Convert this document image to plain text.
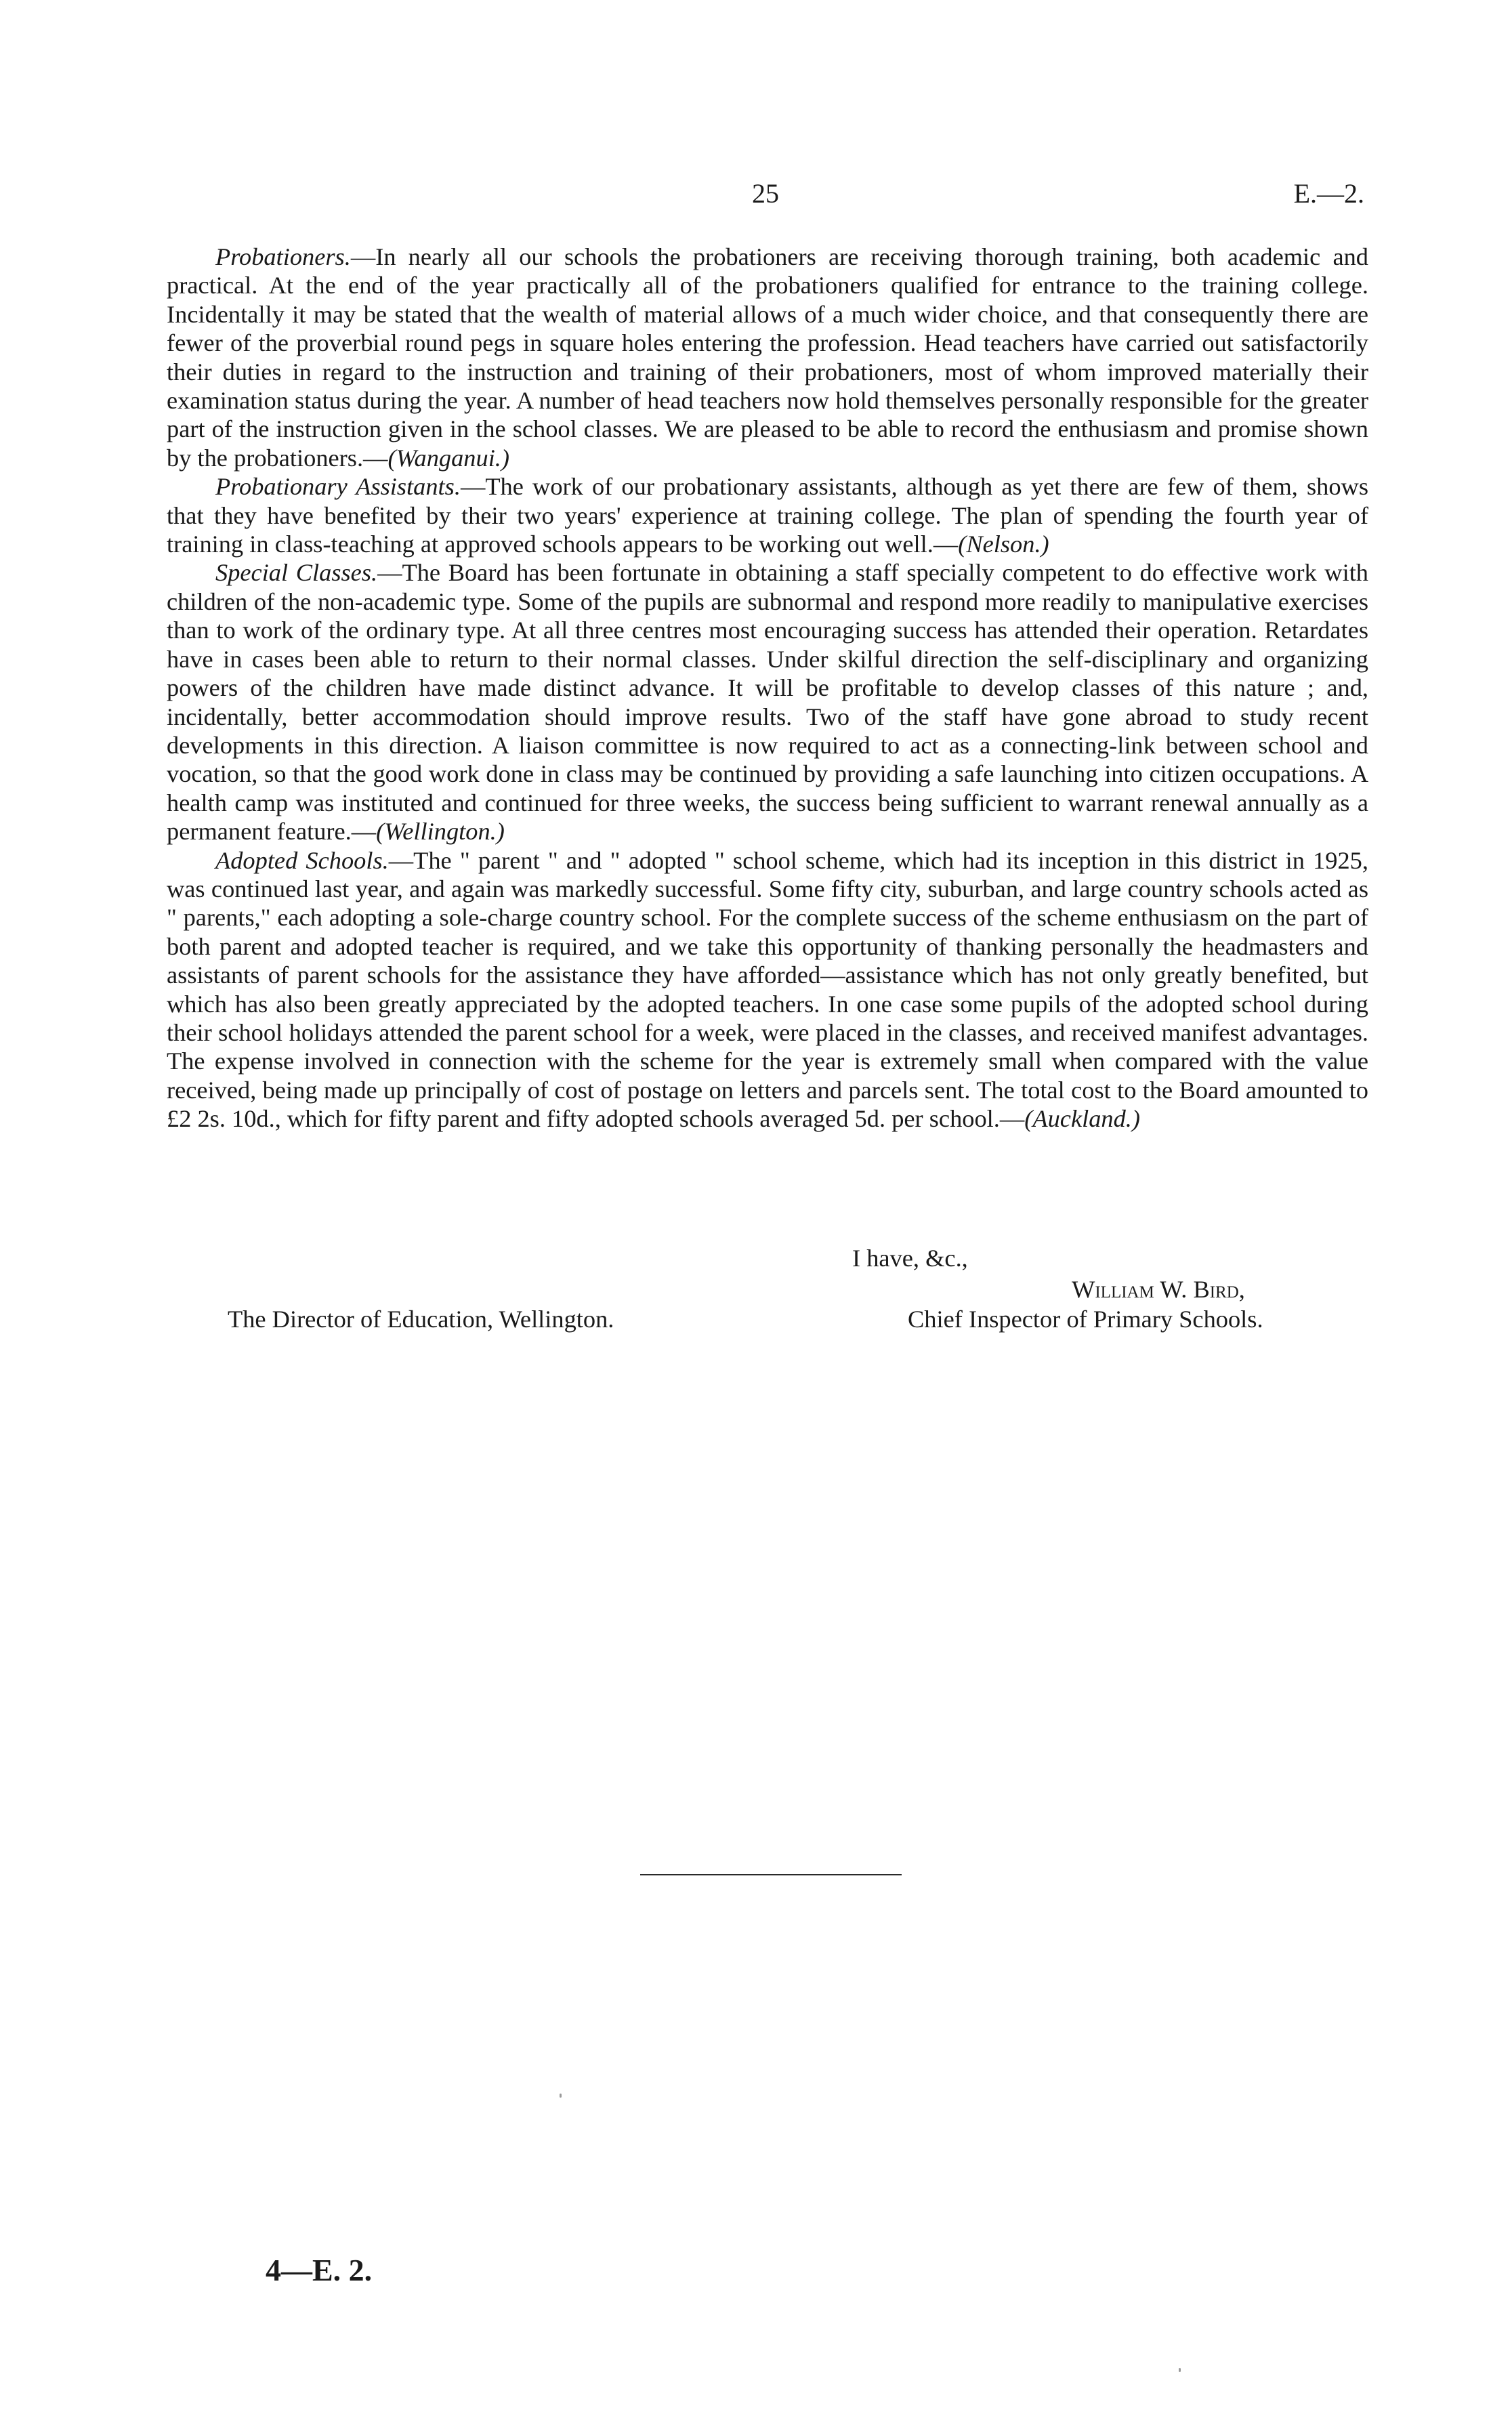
25	E.—2.

Probationers.—In nearly all our schools the probationers are receiving thorough training, both academic and practical. At the end of the year practically all of the probationers qualified for entrance to the training college. Incidentally it may be stated that the wealth of material allows of a much wider choice, and that consequently there are fewer of the proverbial round pegs in square holes entering the profession. Head teachers have carried out satisfactorily their duties in regard to the instruction and training of their probationers, most of whom improved materially their examination status during the year. A number of head teachers now hold themselves personally responsible for the greater part of the instruction given in the school classes. We are pleased to be able to record the enthusiasm and promise shown by the probationers.—(Wanganui.)

Probationary Assistants.—The work of our probationary assistants, although as yet there are few of them, shows that they have benefited by their two years' experience at training college. The plan of spending the fourth year of training in class-teaching at approved schools appears to be working out well.—(Nelson.)

Special Classes.—The Board has been fortunate in obtaining a staff specially competent to do effective work with children of the non-academic type. Some of the pupils are subnormal and respond more readily to manipulative exercises than to work of the ordinary type. At all three centres most encouraging success has attended their operation. Retardates have in cases been able to return to their normal classes. Under skilful direction the self-disciplinary and organizing powers of the children have made distinct advance. It will be profitable to develop classes of this nature ; and, incidentally, better accommodation should improve results. Two of the staff have gone abroad to study recent developments in this direction. A liaison committee is now required to act as a connecting-link between school and vocation, so that the good work done in class may be continued by providing a safe launching into citizen occupations. A health camp was instituted and continued for three weeks, the success being sufficient to warrant renewal annually as a permanent feature.—(Wellington.)

Adopted Schools.—The " parent " and " adopted " school scheme, which had its inception in this district in 1925, was continued last year, and again was markedly successful. Some fifty city, suburban, and large country schools acted as " parents," each adopting a sole-charge country school. For the complete success of the scheme enthusiasm on the part of both parent and adopted teacher is required, and we take this opportunity of thanking personally the headmasters and assistants of parent schools for the assistance they have afforded—assistance which has not only greatly benefited, but which has also been greatly appreciated by the adopted teachers. In one case some pupils of the adopted school during their school holidays attended the parent school for a week, were placed in the classes, and received manifest advantages. The expense involved in connection with the scheme for the year is extremely small when compared with the value received, being made up principally of cost of postage on letters and parcels sent. The total cost to the Board amounted to £2 2s. 10d., which for fifty parent and fifty adopted schools averaged 5d. per school.—(Auckland.)

I have, &c.,
William W. Bird,
The Director of Education, Wellington.	Chief Inspector of Primary Schools.
4—E. 2.
